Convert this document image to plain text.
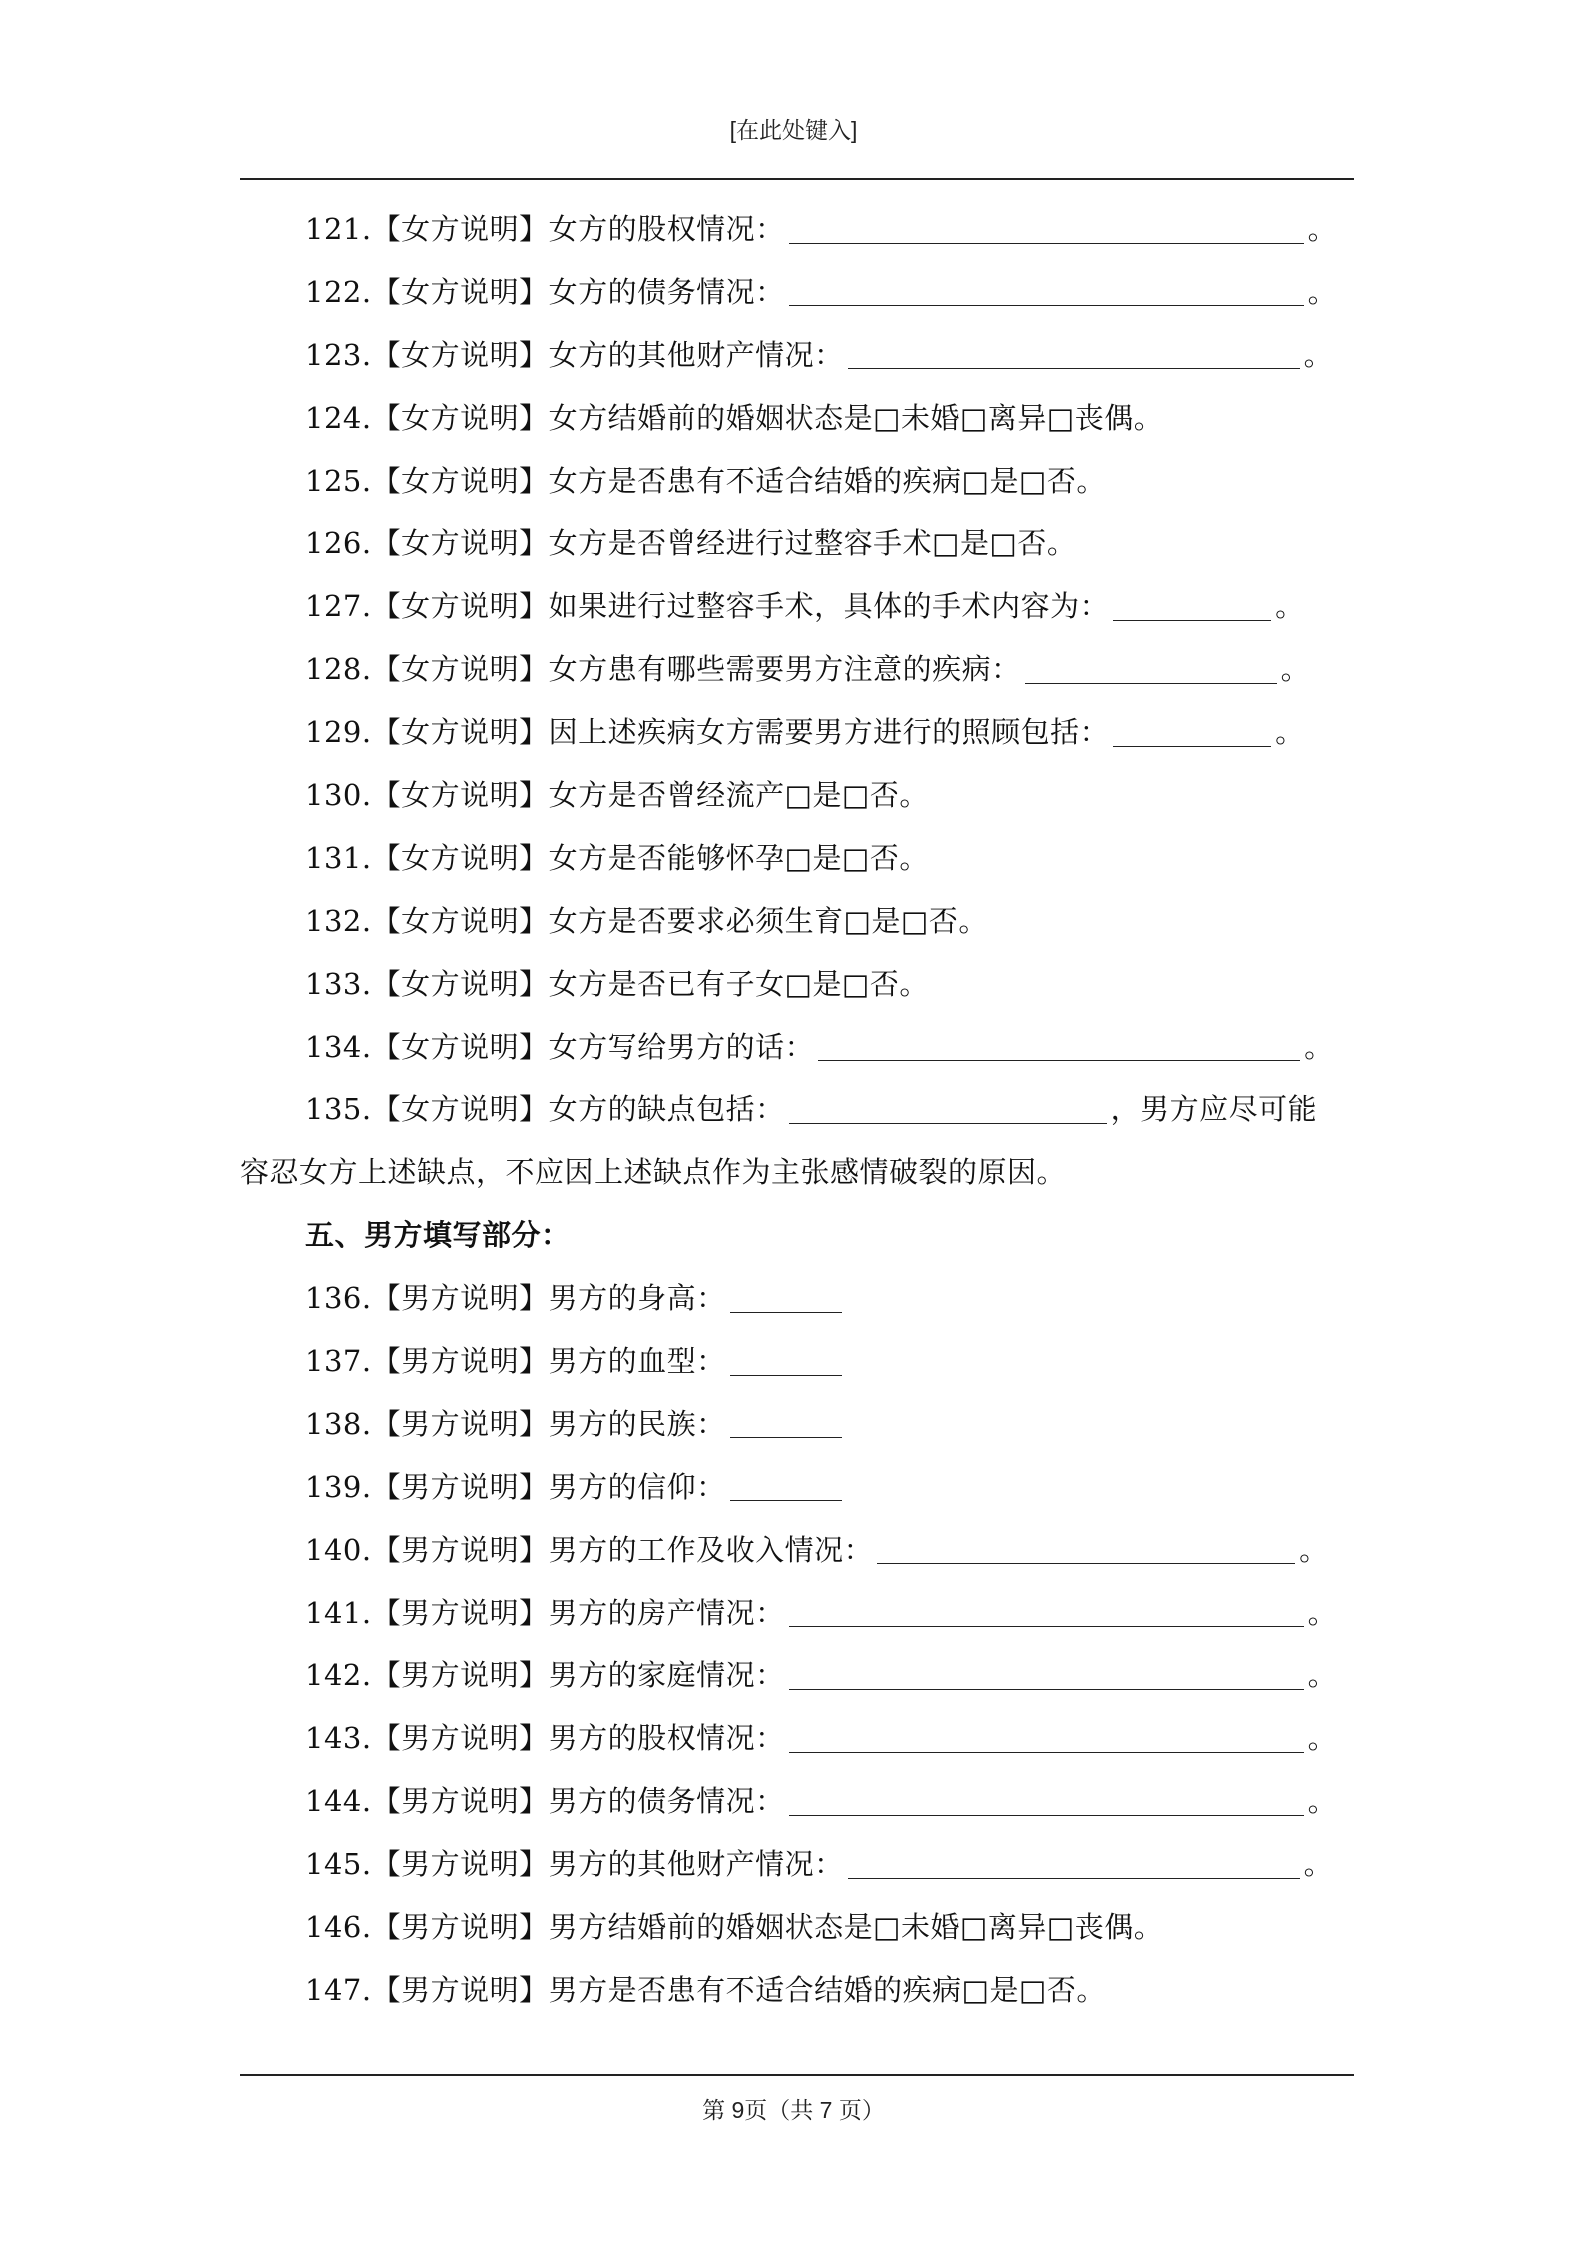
[在此处键入]
121.【女方说明】女方的股权情况：	。
122.【女方说明】女方的债务情况：	。
123.【女方说明】女方的其他财产情况：	。
124.【女方说明】女方结婚前的婚姻状态是□未婚□离异□丧偶。
125.【女方说明】女方是否患有不适合结婚的疾病□是□否。
126.【女方说明】女方是否曾经进行过整容手术□是□否。
127.【女方说明】如果进行过整容手术，具体的手术内容为：	。
128.【女方说明】女方患有哪些需要男方注意的疾病：	。
129.【女方说明】因上述疾病女方需要男方进行的照顾包括：	。
130.【女方说明】女方是否曾经流产□是□否。
131.【女方说明】女方是否能够怀孕□是□否。
132.【女方说明】女方是否要求必须生育□是□否。
133.【女方说明】女方是否已有子女□是□否。
134.【女方说明】女方写给男方的话：	。
135.【女方说明】女方的缺点包括：	，男方应尽可能
容忍女方上述缺点，不应因上述缺点作为主张感情破裂的原因。
五、男方填写部分：
136.【男方说明】男方的身高：
137.【男方说明】男方的血型：
138.【男方说明】男方的民族：
139.【男方说明】男方的信仰：
140.【男方说明】男方的工作及收入情况：	。
141.【男方说明】男方的房产情况：	。
142.【男方说明】男方的家庭情况：	。
143.【男方说明】男方的股权情况：	。
144.【男方说明】男方的债务情况：	。
145.【男方说明】男方的其他财产情况：	。
146.【男方说明】男方结婚前的婚姻状态是□未婚□离异□丧偶。
147.【男方说明】男方是否患有不适合结婚的疾病□是□否。
第 9页（共 7 页）
